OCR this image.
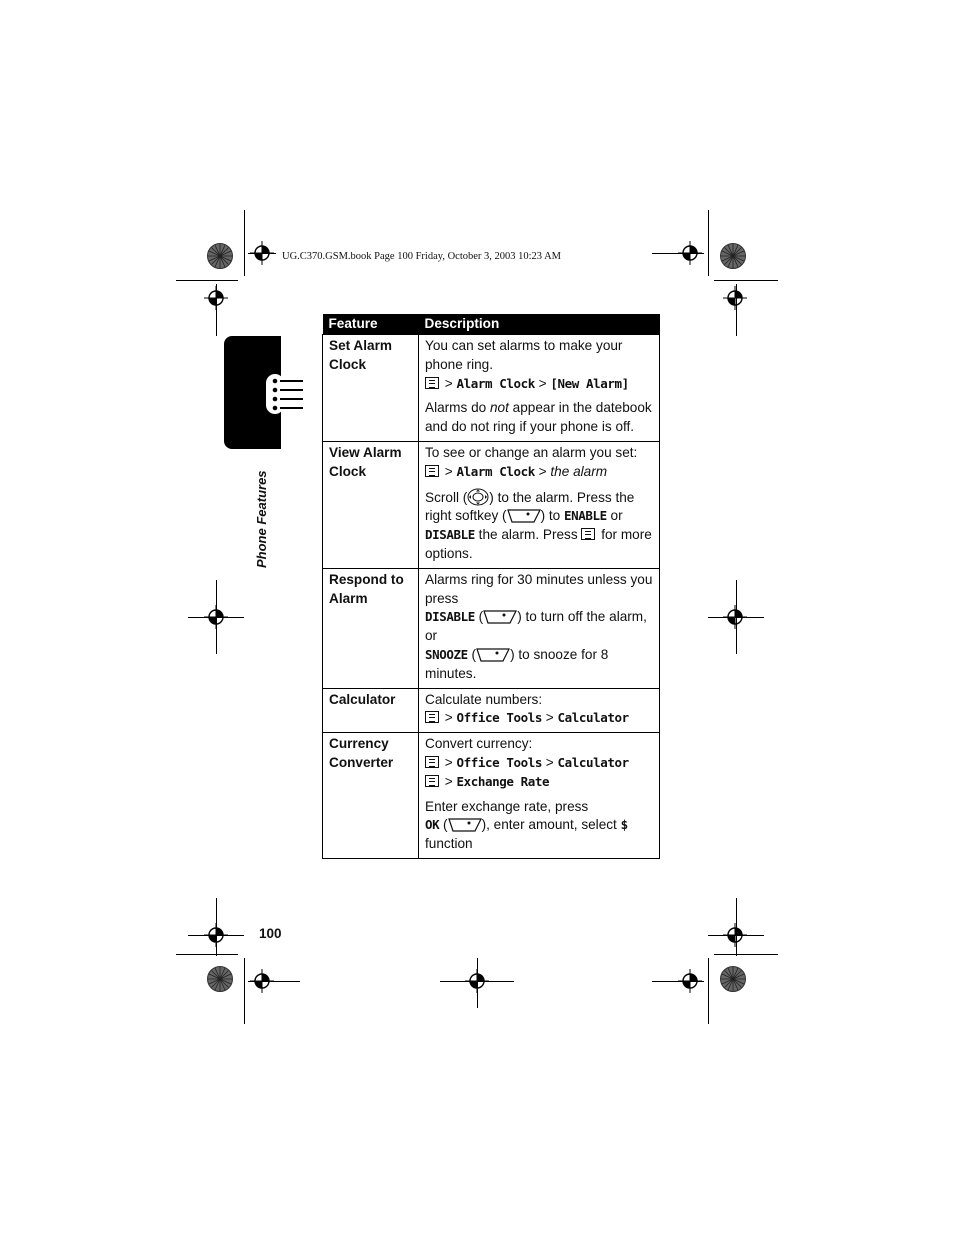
UG.C370.GSM.book Page 100 Friday, October 3, 2003 10:23 AM
Phone Features
Feature	Description
Set Alarm Clock	You can set alarms to make your phone ring.

> Alarm Clock > [New Alarm]

Alarms do not appear in the datebook and do not ring if your phone is off.

View Alarm Clock	To see or change an alarm you set:

> Alarm Clock > the alarm

Scroll ( ) to the alarm. Press the right softkey ( ) to ENABLE or DISABLE the alarm. Press  for more options.

Respond to Alarm	Alarms ring for 30 minutes unless you press

DISABLE ( ) to turn off the alarm, or

SNOOZE ( ) to snooze for 8 minutes.

Calculator	Calculate numbers:

> Office Tools > Calculator

Currency Converter	Convert currency:

> Office Tools > Calculator

> Exchange Rate

Enter exchange rate, press
OK ( ), enter amount, select $ function

100
